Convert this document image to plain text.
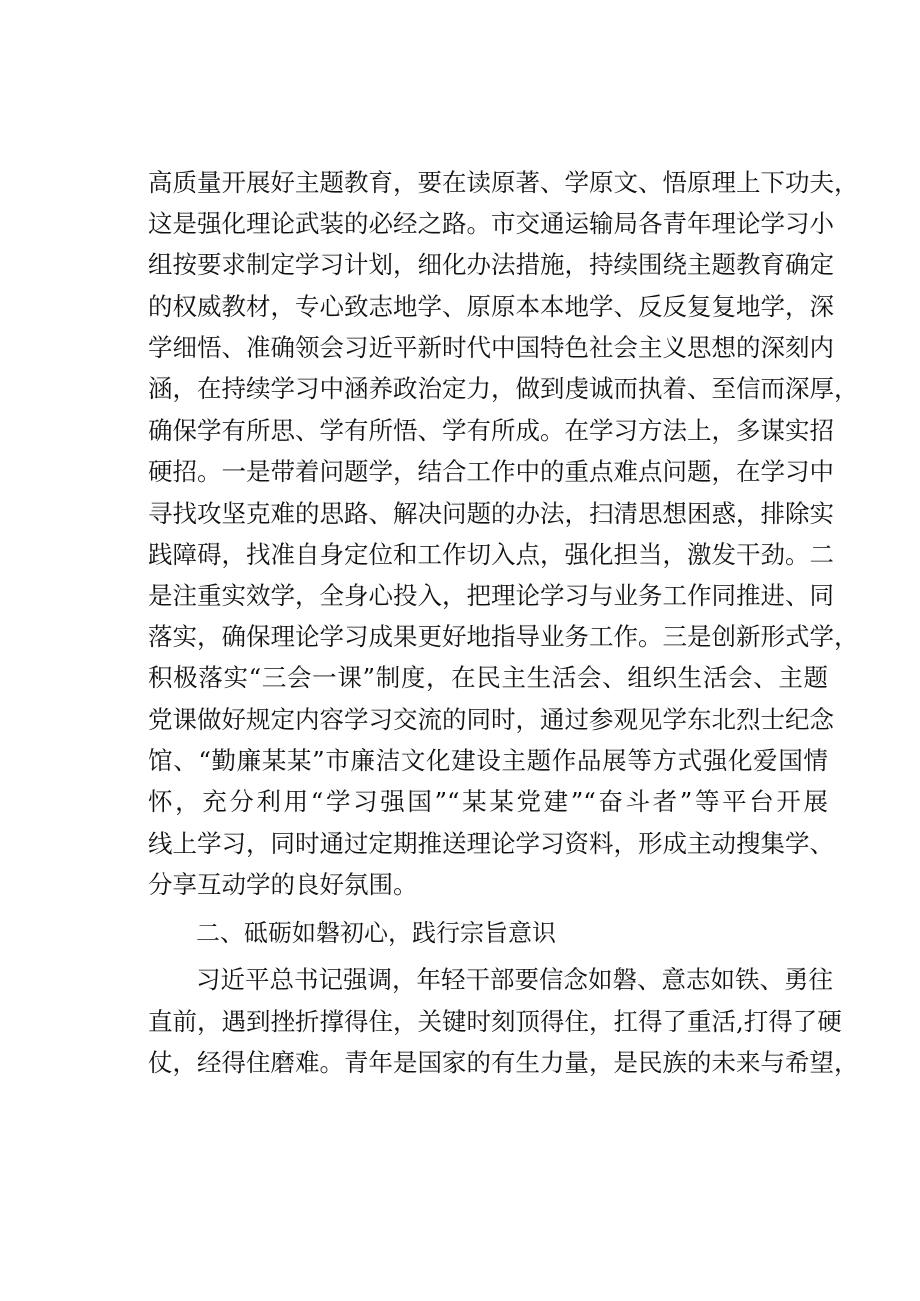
高质量开展好主题教育，要在读原著、学原文、悟原理上下功夫，
这是强化理论武装的必经之路。市交通运输局各青年理论学习小
组按要求制定学习计划，细化办法措施，持续围绕主题教育确定
的权威教材，专心致志地学、原原本本地学、反反复复地学，深
学细悟、准确领会习近平新时代中国特色社会主义思想的深刻内
涵，在持续学习中涵养政治定力，做到虔诚而执着、至信而深厚，
确保学有所思、学有所悟、学有所成。在学习方法上，多谋实招
硬招。一是带着问题学，结合工作中的重点难点问题，在学习中
寻找攻坚克难的思路、解决问题的办法，扫清思想困惑，排除实
践障碍，找准自身定位和工作切入点，强化担当，激发干劲。二
是注重实效学，全身心投入，把理论学习与业务工作同推进、同
落实，确保理论学习成果更好地指导业务工作。三是创新形式学，
积极落实“三会一课”制度，在民主生活会、组织生活会、主题
党课做好规定内容学习交流的同时，通过参观见学东北烈士纪念
馆、“勤廉某某”市廉洁文化建设主题作品展等方式强化爱国情
怀，充分利用“学习强国”“某某党建”“奋斗者”等平台开展
线上学习，同时通过定期推送理论学习资料，形成主动搜集学、
分享互动学的良好氛围。
二、砥砺如磐初心，践行宗旨意识
习近平总书记强调，年轻干部要信念如磐、意志如铁、勇往
直前，遇到挫折撑得住，关键时刻顶得住，扛得了重活,打得了硬
仗，经得住磨难。青年是国家的有生力量，是民族的未来与希望，
